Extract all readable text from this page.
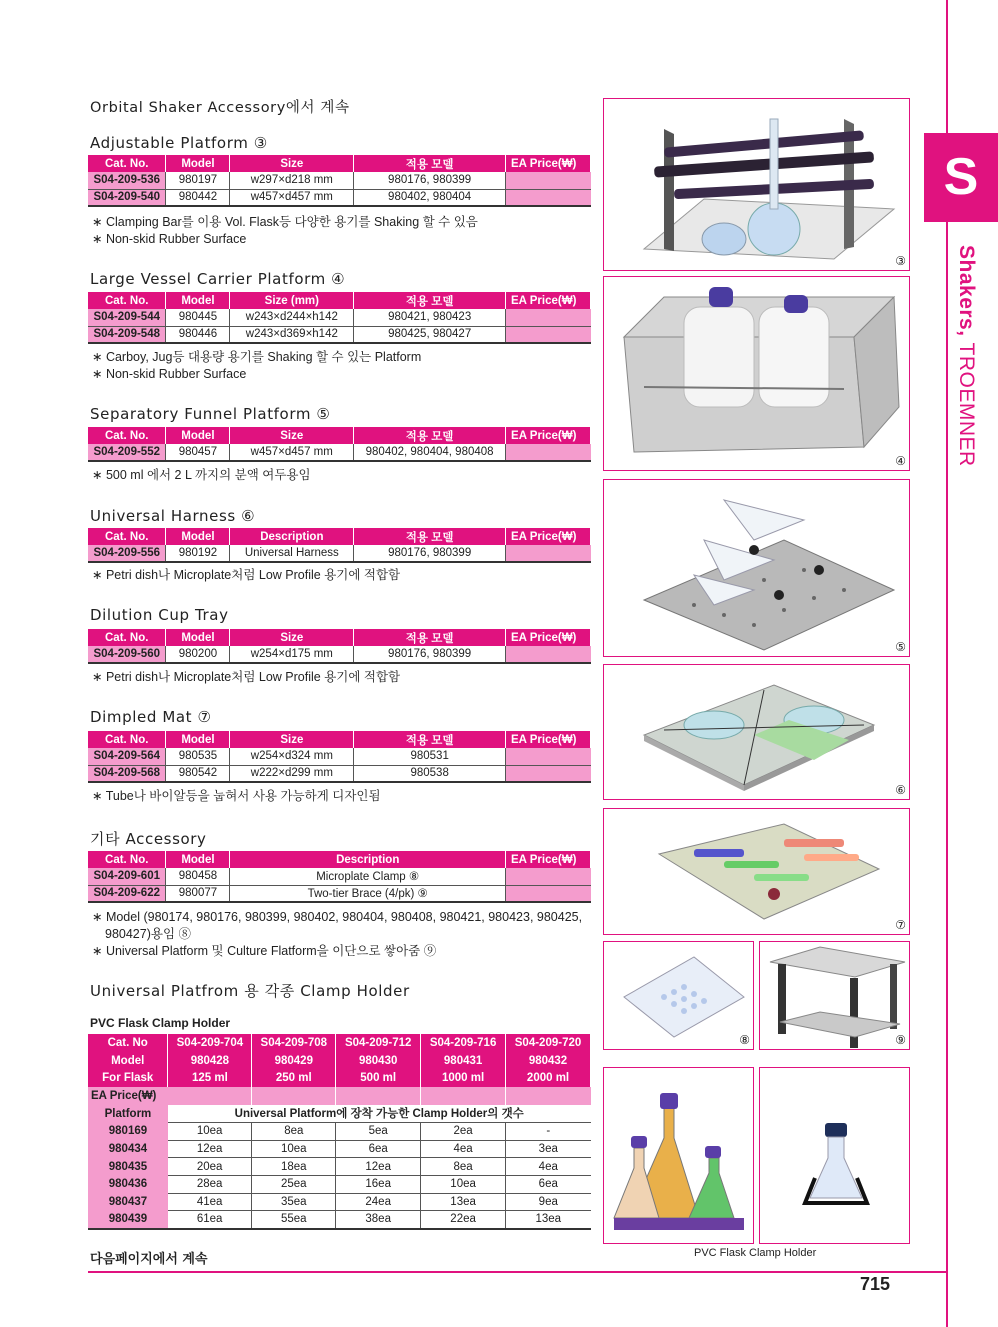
S
Shakers, TROEMNER
Orbital Shaker Accessory에서 계속
Adjustable Platform ③
Cat. No.	Model	Size	적용 모델	EA Price(₩)
S04-209-536	980197	w297×d218 mm	980176, 980399	
S04-209-540	980442	w457×d457 mm	980402, 980404	
∗ Clamping Bar를 이용 Vol. Flask등 다양한 용기를 Shaking 할 수 있음
∗ Non-skid Rubber Surface
Large Vessel Carrier Platform ④
Cat. No.	Model	Size (mm)	적용 모델	EA Price(₩)
S04-209-544	980445	w243×d244×h142	980421, 980423	
S04-209-548	980446	w243×d369×h142	980425, 980427	
∗ Carboy, Jug등 대용량 용기를 Shaking 할 수 있는 Platform
∗ Non-skid Rubber Surface
Separatory Funnel Platform ⑤
Cat. No.	Model	Size	적용 모델	EA Price(₩)
S04-209-552	980457	w457×d457 mm	980402, 980404, 980408	
∗ 500 ml 에서 2 L 까지의 분액 여두용임
Universal Harness ⑥
Cat. No.	Model	Description	적용 모델	EA Price(₩)
S04-209-556	980192	Universal Harness	980176, 980399	
∗ Petri dish나 Microplate처럼 Low Profile 용기에 적합함
Dilution Cup Tray
Cat. No.	Model	Size	적용 모델	EA Price(₩)
S04-209-560	980200	w254×d175 mm	980176, 980399	
∗ Petri dish나 Microplate처럼 Low Profile 용기에 적합함
Dimpled Mat ⑦
Cat. No.	Model	Size	적용 모델	EA Price(₩)
S04-209-564	980535	w254×d324 mm	980531	
S04-209-568	980542	w222×d299 mm	980538	
∗ Tube나 바이알등을 눕혀서 사용 가능하게 디자인됨
기타 Accessory
Cat. No.	Model	Description	EA Price(₩)
S04-209-601	980458	Microplate Clamp ⑧	
S04-209-622	980077	Two-tier Brace (4/pk) ⑨	
∗ Model (980174, 980176, 980399, 980402, 980404, 980408, 980421, 980423, 980425,
980427)용임 ⑧
∗ Universal Platform 및 Culture Flatform을 이단으로 쌓아줌 ⑨
Universal Platfrom 용 각종 Clamp Holder
PVC Flask Clamp Holder
Cat. No	S04-209-704	S04-209-708	S04-209-712	S04-209-716	S04-209-720
Model	980428	980429	980430	980431	980432
For Flask	125 ml	250 ml	500 ml	1000 ml	2000 ml
EA Price(₩)					
Platform	Universal Platform에 장착 가능한 Clamp Holder의 갯수				
980169	10ea	8ea	5ea	2ea	-
980434	12ea	10ea	6ea	4ea	3ea
980435	20ea	18ea	12ea	8ea	4ea
980436	28ea	25ea	16ea	10ea	6ea
980437	41ea	35ea	24ea	13ea	9ea
980439	61ea	55ea	38ea	22ea	13ea
다음페이지에서 계속
715
③
④
⑤
⑥
⑦
⑧	⑨
PVC Flask Clamp Holder
